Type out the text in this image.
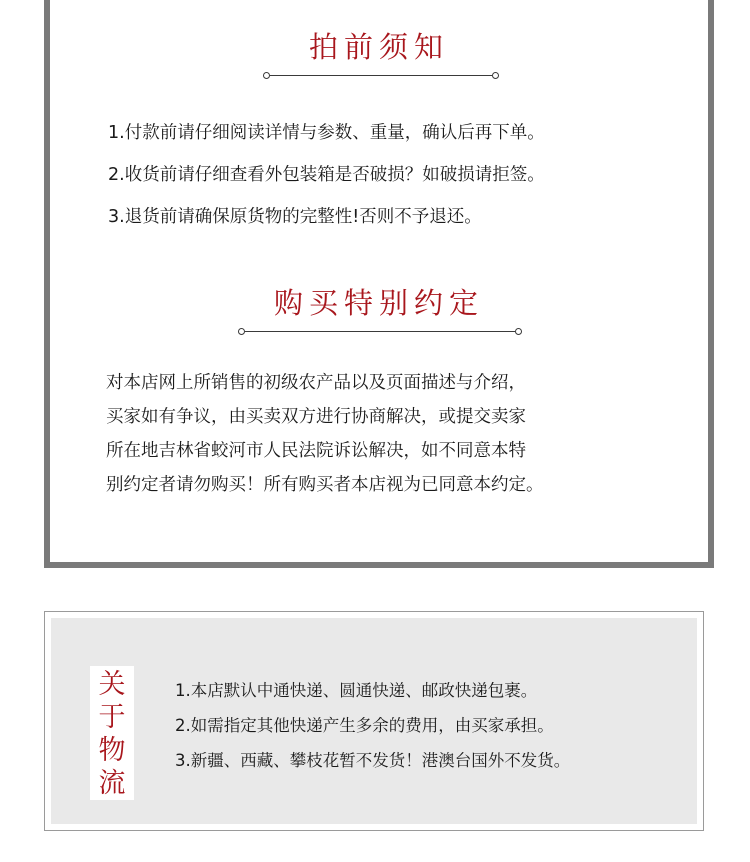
拍前须知
1.付款前请仔细阅读详情与参数、重量，确认后再下单。
2.收货前请仔细查看外包装箱是否破损？如破损请拒签。
3.退货前请确保原货物的完整性!否则不予退还。
购买特别约定
对本店网上所销售的初级农产品以及页面描述与介绍，
买家如有争议，由买卖双方进行协商解决，或提交卖家
所在地吉林省蛟河市人民法院诉讼解决，如不同意本特
别约定者请勿购买！所有购买者本店视为已同意本约定。
关
于
物
流
1.本店默认中通快递、圆通快递、邮政快递包裹。
2.如需指定其他快递产生多余的费用，由买家承担。
3.新疆、西藏、攀枝花暂不发货！港澳台国外不发货。
